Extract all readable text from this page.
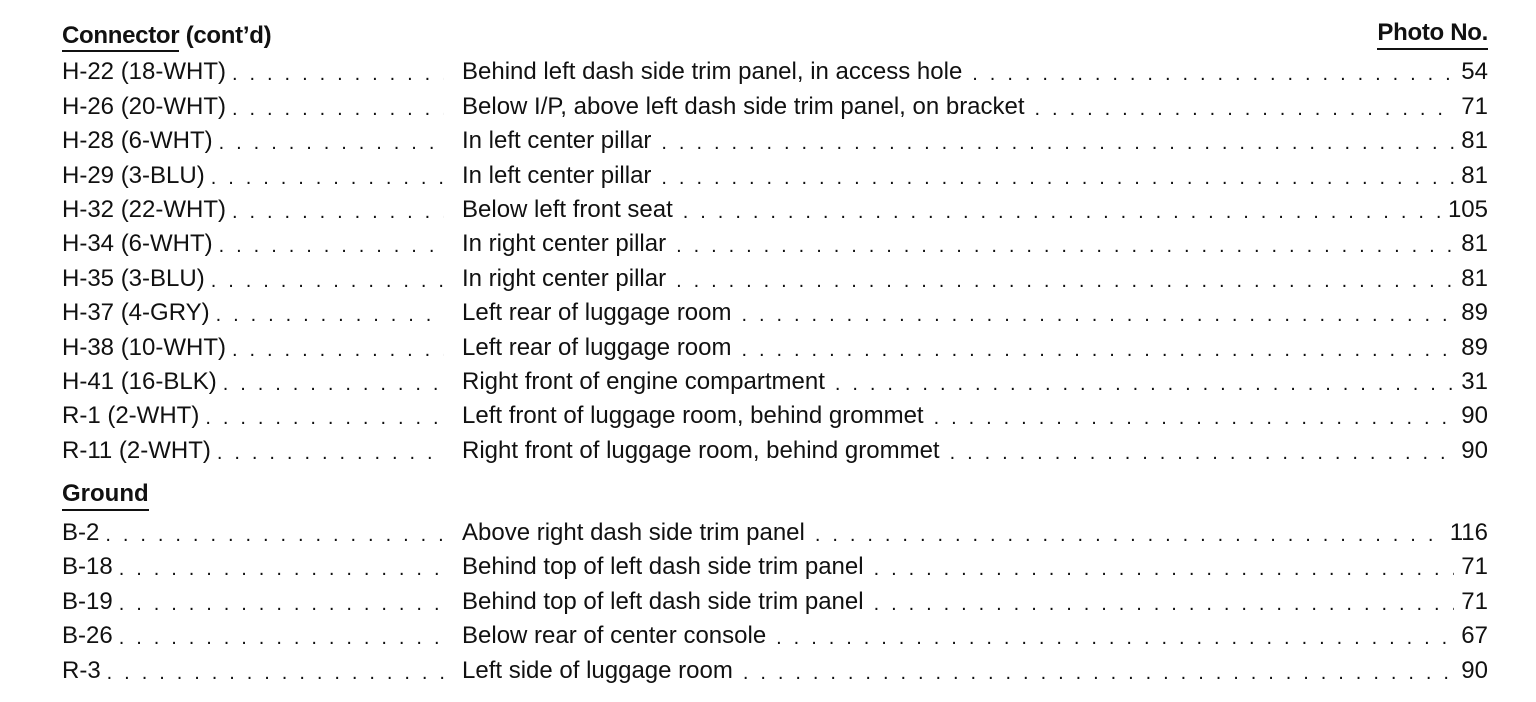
Connector (cont’d)	Photo No.
H-22 (18-WHT) . . .	Behind left dash side trim panel, in access hole . . .	54
H-26 (20-WHT) . . .	Below I/P, above left dash side trim panel, on bracket . . .	71
H-28 (6-WHT) . . .	In left center pillar . . .	81
H-29 (3-BLU) . . .	In left center pillar . . .	81
H-32 (22-WHT) . . .	Below left front seat . . .	105
H-34 (6-WHT) . . .	In right center pillar . . .	81
H-35 (3-BLU) . . .	In right center pillar . . .	81
H-37 (4-GRY) . . .	Left rear of luggage room . . .	89
H-38 (10-WHT) . . .	Left rear of luggage room . . .	89
H-41 (16-BLK) . . .	Right front of engine compartment . . .	31
R-1 (2-WHT) . . .	Left front of luggage room, behind grommet . . .	90
R-11 (2-WHT) . . .	Right front of luggage room, behind grommet . . .	90
Ground
B-2 . . .	Above right dash side trim panel . . .	116
B-18 . . .	Behind top of left dash side trim panel . . .	71
B-19 . . .	Behind top of left dash side trim panel . . .	71
B-26 . . .	Below rear of center console . . .	67
R-3 . . .	Left side of luggage room . . .	90
